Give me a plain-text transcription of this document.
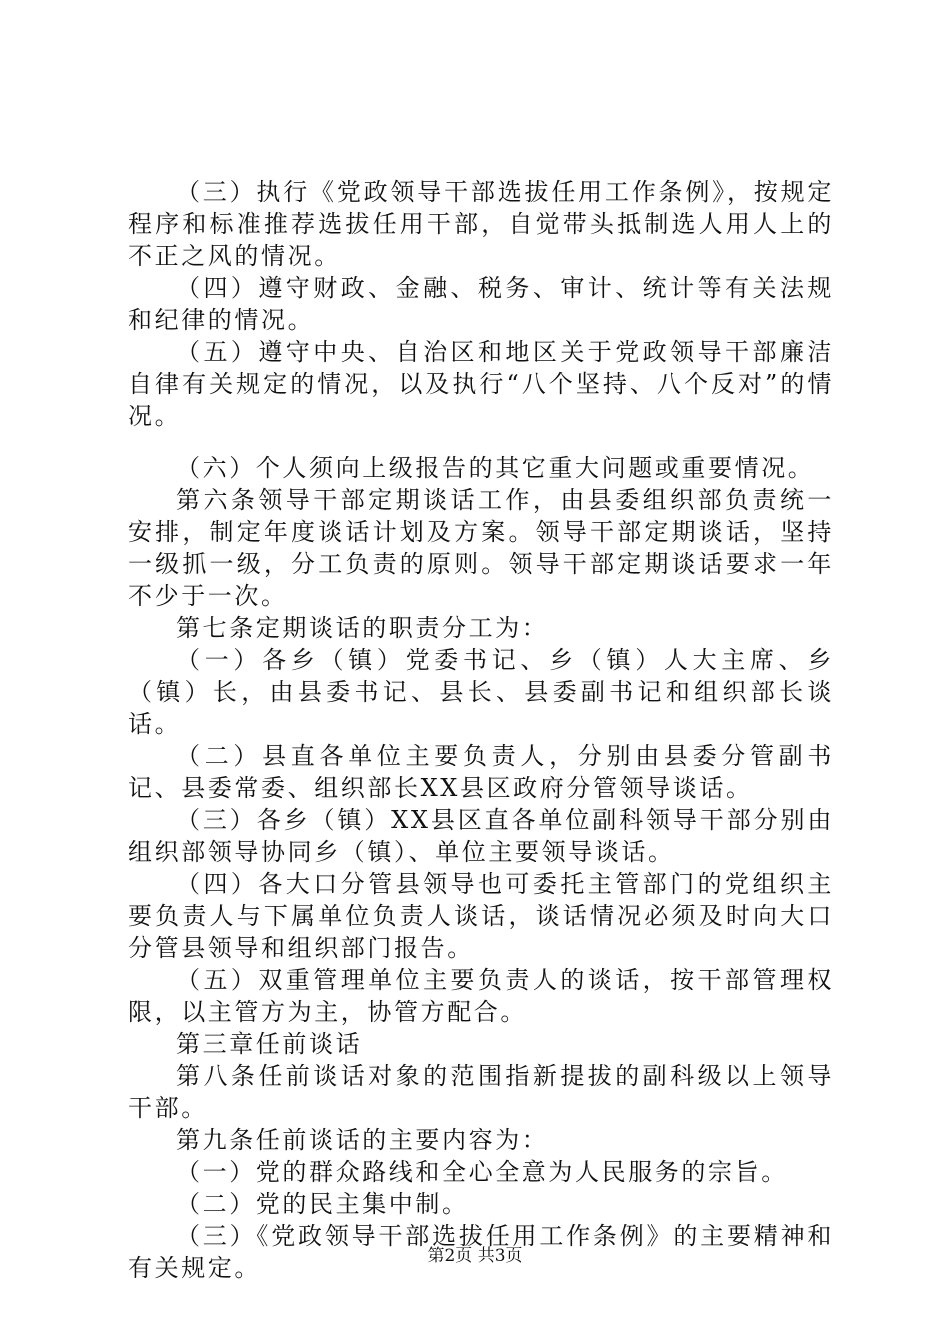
（三）执行《党政领导干部选拔任用工作条例》，按规定程序和标准推荐选拔任用干部，自觉带头抵制选人用人上的不正之风的情况。

（四）遵守财政、金融、税务、审计、统计等有关法规和纪律的情况。

（五）遵守中央、自治区和地区关于党政领导干部廉洁自律有关规定的情况，以及执行“八个坚持、八个反对”的情况。

（六）个人须向上级报告的其它重大问题或重要情况。

第六条领导干部定期谈话工作，由县委组织部负责统一安排，制定年度谈话计划及方案。领导干部定期谈话，坚持一级抓一级，分工负责的原则。领导干部定期谈话要求一年不少于一次。

第七条定期谈话的职责分工为：

（一）各乡（镇）党委书记、乡（镇）人大主席、乡（镇）长，由县委书记、县长、县委副书记和组织部长谈话。

（二）县直各单位主要负责人，分别由县委分管副书记、县委常委、组织部长XX县区政府分管领导谈话。

（三）各乡（镇）XX县区直各单位副科领导干部分别由组织部领导协同乡（镇）、单位主要领导谈话。

（四）各大口分管县领导也可委托主管部门的党组织主要负责人与下属单位负责人谈话，谈话情况必须及时向大口分管县领导和组织部门报告。

（五）双重管理单位主要负责人的谈话，按干部管理权限，以主管方为主，协管方配合。

第三章任前谈话

第八条任前谈话对象的范围指新提拔的副科级以上领导干部。

第九条任前谈话的主要内容为：

（一）党的群众路线和全心全意为人民服务的宗旨。

（二）党的民主集中制。

（三）《党政领导干部选拔任用工作条例》的主要精神和有关规定。	第2页 共3页
